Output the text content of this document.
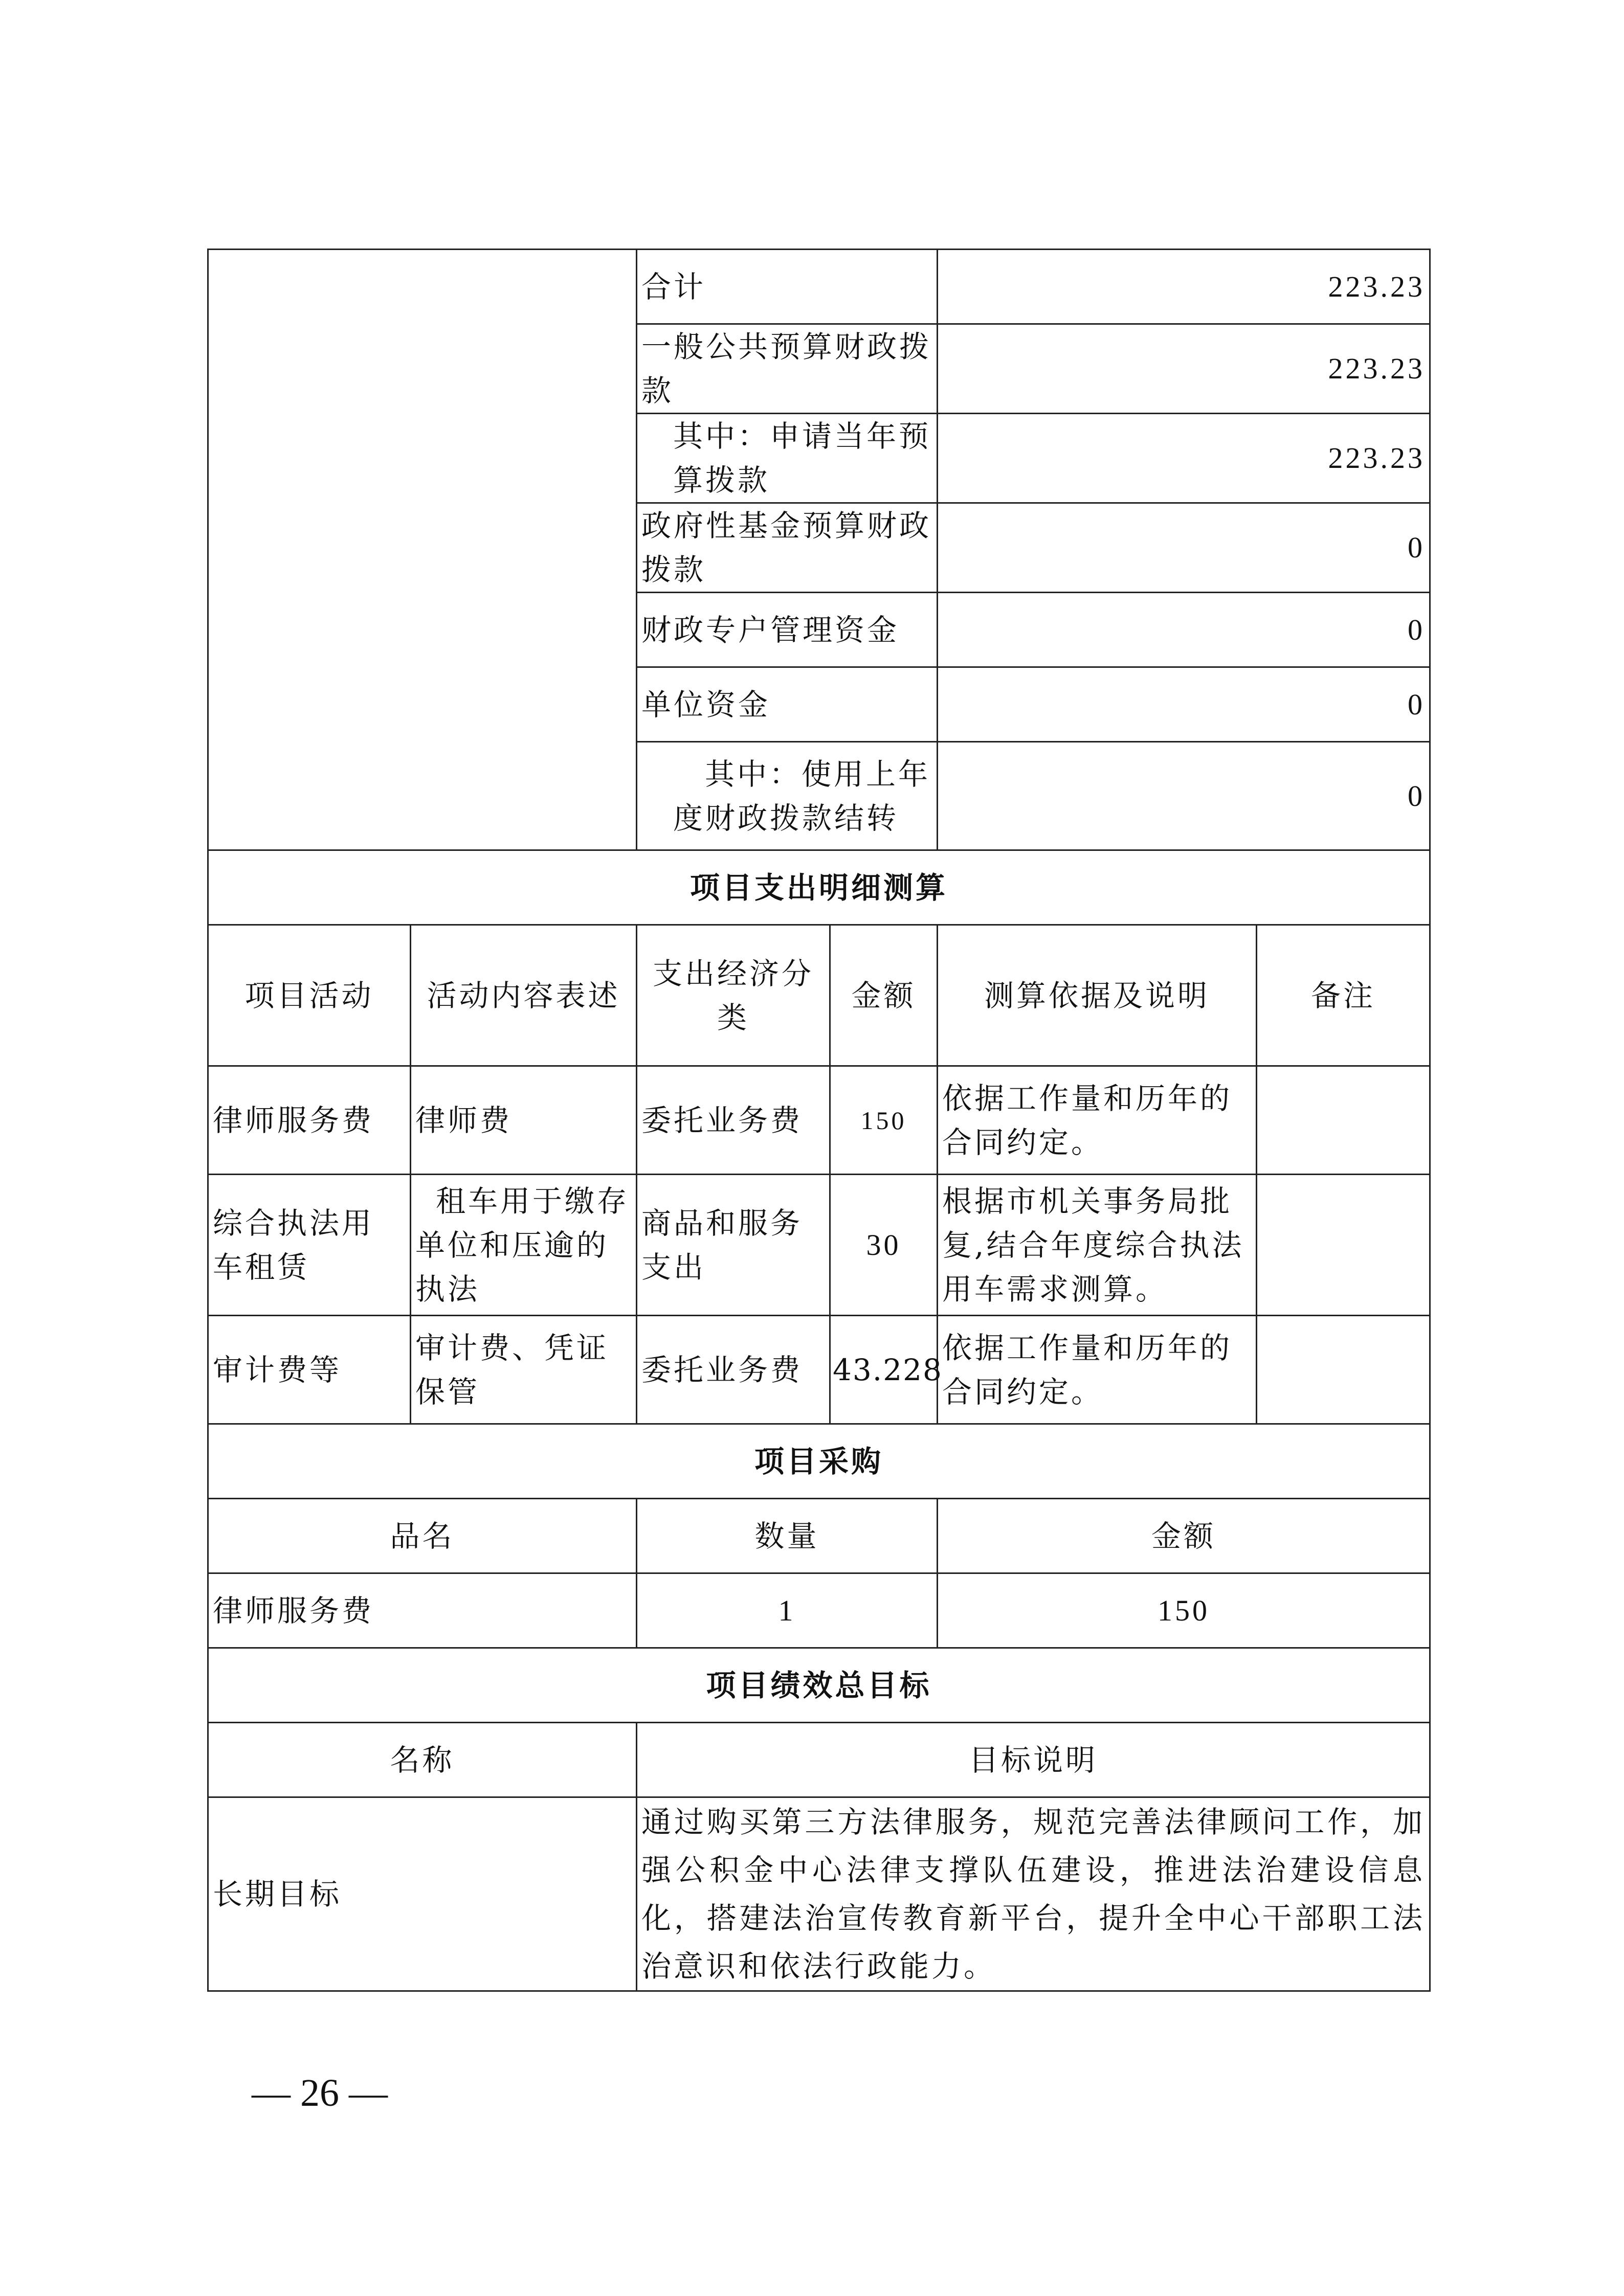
		合计		223.23	
		一般公共预算财政拨款		223.23	
		其中：申请当年预算拨款		223.23	
		政府性基金预算财政拨款		0	
		财政专户管理资金		0	
		单位资金		0	
		其中：使用上年度财政拨款结转		0	
项目支出明细测算					
项目活动	活动内容表述	支出经济分类	金额	测算依据及说明	备注
律师服务费	律师费	委托业务费	150	依据工作量和历年的合同约定。	
综合执法用车租赁	租车用于缴存单位和压逾的执法	商品和服务支出	30	根据市机关事务局批复,结合年度综合执法用车需求测算。	
审计费等	审计费、凭证保管	委托业务费	43.228	依据工作量和历年的合同约定。	
项目采购					
品名		数量		金额	
律师服务费		1		150	
项目绩效总目标					
名称		目标说明			
长期目标		通过购买第三方法律服务，规范完善法律顾问工作，加强公积金中心法律支撑队伍建设，推进法治建设信息化，搭建法治宣传教育新平台，提升全中心干部职工法治意识和依法行政能力。			
— 26 —
